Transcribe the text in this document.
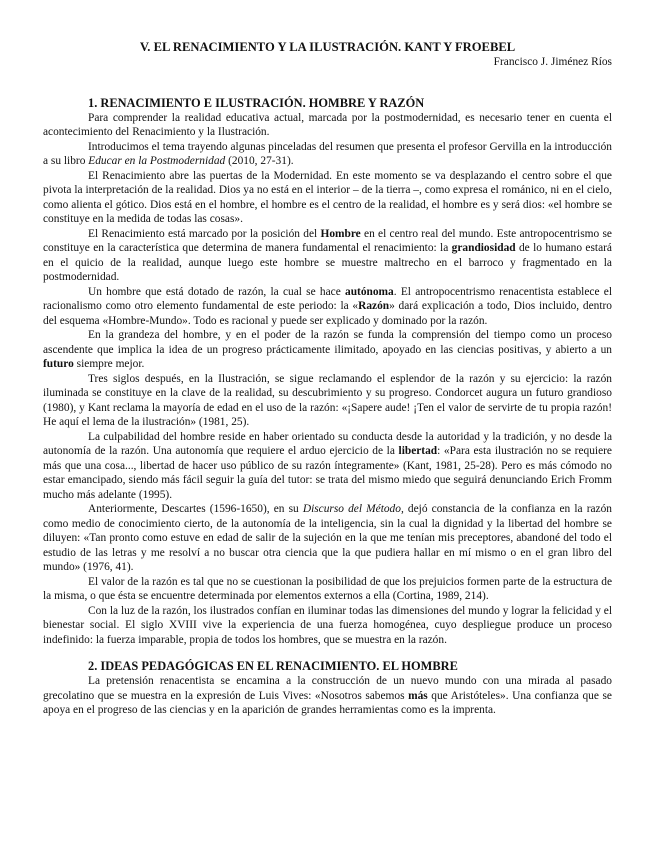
V. EL RENACIMIENTO Y LA ILUSTRACIÓN. KANT Y FROEBEL

Francisco J. Jiménez Ríos

1. RENACIMIENTO E ILUSTRACIÓN. HOMBRE Y RAZÓN

Para comprender la realidad educativa actual, marcada por la postmodernidad, es necesario tener en cuenta el acontecimiento del Renacimiento y la Ilustración.

Introducimos el tema trayendo algunas pinceladas del resumen que presenta el profesor Gervilla en la introducción a su libro Educar en la Postmodernidad (2010, 27-31).

El Renacimiento abre las puertas de la Modernidad. En este momento se va desplazando el centro sobre el que pivota la interpretación de la realidad. Dios ya no está en el interior – de la tierra –, como expresa el románico, ni en el cielo, como alienta el gótico. Dios está en el hombre, el hombre es el centro de la realidad, el hombre es y será dios: «el hombre se constituye en la medida de todas las cosas».

El Renacimiento está marcado por la posición del Hombre en el centro real del mundo. Este antropocentrismo se constituye en la característica que determina de manera fundamental el renacimiento: la grandiosidad de lo humano estará en el quicio de la realidad, aunque luego este hombre se muestre maltrecho en el barroco y fragmentado en la postmodernidad.

Un hombre que está dotado de razón, la cual se hace autónoma. El antropocentrismo renacentista establece el racionalismo como otro elemento fundamental de este periodo: la «Razón» dará explicación a todo, Dios incluido, dentro del esquema «Hombre-Mundo». Todo es racional y puede ser explicado y dominado por la razón.

En la grandeza del hombre, y en el poder de la razón se funda la comprensión del tiempo como un proceso ascendente que implica la idea de un progreso prácticamente ilimitado, apoyado en las ciencias positivas, y abierto a un futuro siempre mejor.

Tres siglos después, en la Ilustración, se sigue reclamando el esplendor de la razón y su ejercicio: la razón iluminada se constituye en la clave de la realidad, su descubrimiento y su progreso. Condorcet augura un futuro grandioso (1980), y Kant reclama la mayoría de edad en el uso de la razón: «¡Sapere aude! ¡Ten el valor de servirte de tu propia razón! He aquí el lema de la ilustración» (1981, 25).

La culpabilidad del hombre reside en haber orientado su conducta desde la autoridad y la tradición, y no desde la autonomía de la razón. Una autonomía que requiere el arduo ejercicio de la libertad: «Para esta ilustración no se requiere más que una cosa..., libertad de hacer uso público de su razón íntegramente» (Kant, 1981, 25-28). Pero es más cómodo no estar emancipado, siendo más fácil seguir la guía del tutor: se trata del mismo miedo que seguirá denunciando Erich Fromm mucho más adelante (1995).

Anteriormente, Descartes (1596-1650), en su Discurso del Método, dejó constancia de la confianza en la razón como medio de conocimiento cierto, de la autonomía de la inteligencia, sin la cual la dignidad y la libertad del hombre se diluyen: «Tan pronto como estuve en edad de salir de la sujeción en la que me tenían mis preceptores, abandoné del todo el estudio de las letras y me resolví a no buscar otra ciencia que la que pudiera hallar en mí mismo o en el gran libro del mundo» (1976, 41).

El valor de la razón es tal que no se cuestionan la posibilidad de que los prejuicios formen parte de la estructura de la misma, o que ésta se encuentre determinada por elementos externos a ella (Cortina, 1989, 214).

Con la luz de la razón, los ilustrados confían en iluminar todas las dimensiones del mundo y lograr la felicidad y el bienestar social. El siglo XVIII vive la experiencia de una fuerza homogénea, cuyo despliegue produce un proceso indefinido: la fuerza imparable, propia de todos los hombres, que se muestra en la razón.

2. IDEAS PEDAGÓGICAS EN EL RENACIMIENTO. EL HOMBRE

La pretensión renacentista se encamina a la construcción de un nuevo mundo con una mirada al pasado grecolatino que se muestra en la expresión de Luis Vives: «Nosotros sabemos más que Aristóteles». Una confianza que se apoya en el progreso de las ciencias y en la aparición de grandes herramientas como es la imprenta.
